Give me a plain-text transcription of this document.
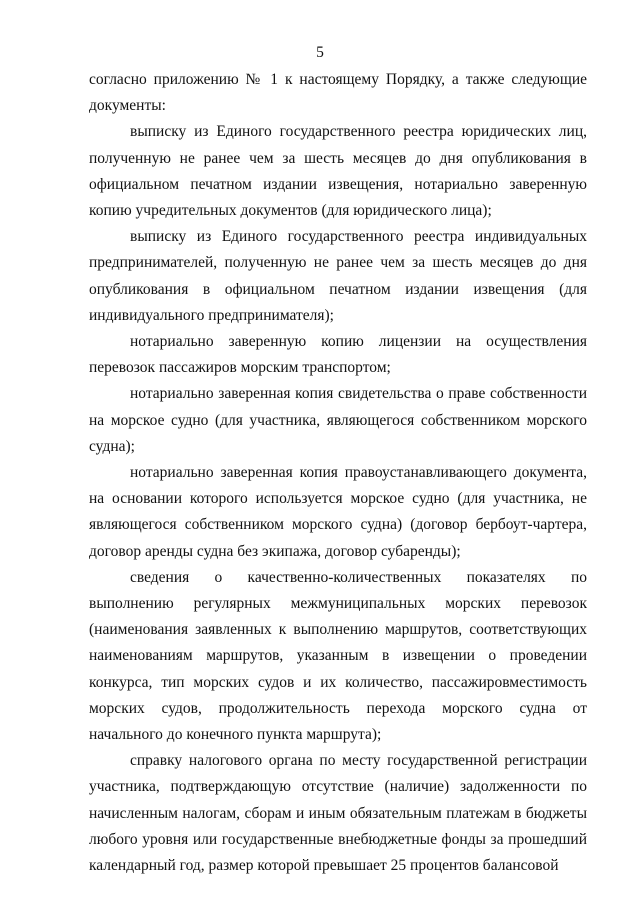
5

согласно приложению № 1 к настоящему Порядку, а также следующие документы:

выписку из Единого государственного реестра юридических лиц, полученную не ранее чем за шесть месяцев до дня опубликования в официальном печатном издании извещения, нотариально заверенную копию учредительных документов (для юридического лица);

выписку из Единого государственного реестра индивидуальных предпринимателей, полученную не ранее чем за шесть месяцев до дня опубликования в официальном печатном издании извещения (для индивидуального предпринимателя);

нотариально заверенную копию лицензии на осуществления перевозок пассажиров морским транспортом;

нотариально заверенная копия свидетельства о праве собственности на морское судно (для участника, являющегося собственником морского судна);

нотариально заверенная копия правоустанавливающего документа, на основании которого используется морское судно (для участника, не являющегося собственником морского судна) (договор бербоут-чартера, договор аренды судна без экипажа, договор субаренды);

сведения о качественно-количественных показателях по выполнению регулярных межмуниципальных морских перевозок (наименования заявленных к выполнению маршрутов, соответствующих наименованиям маршрутов, указанным в извещении о проведении конкурса, тип морских судов и их количество, пассажировместимость морских судов, продолжительность перехода морского судна от начального до конечного пункта маршрута);

справку налогового органа по месту государственной регистрации участника, подтверждающую отсутствие (наличие) задолженности по начисленным налогам, сборам и иным обязательным платежам в бюджеты любого уровня или государственные внебюджетные фонды за прошедший календарный год, размер которой превышает 25 процентов балансовой
